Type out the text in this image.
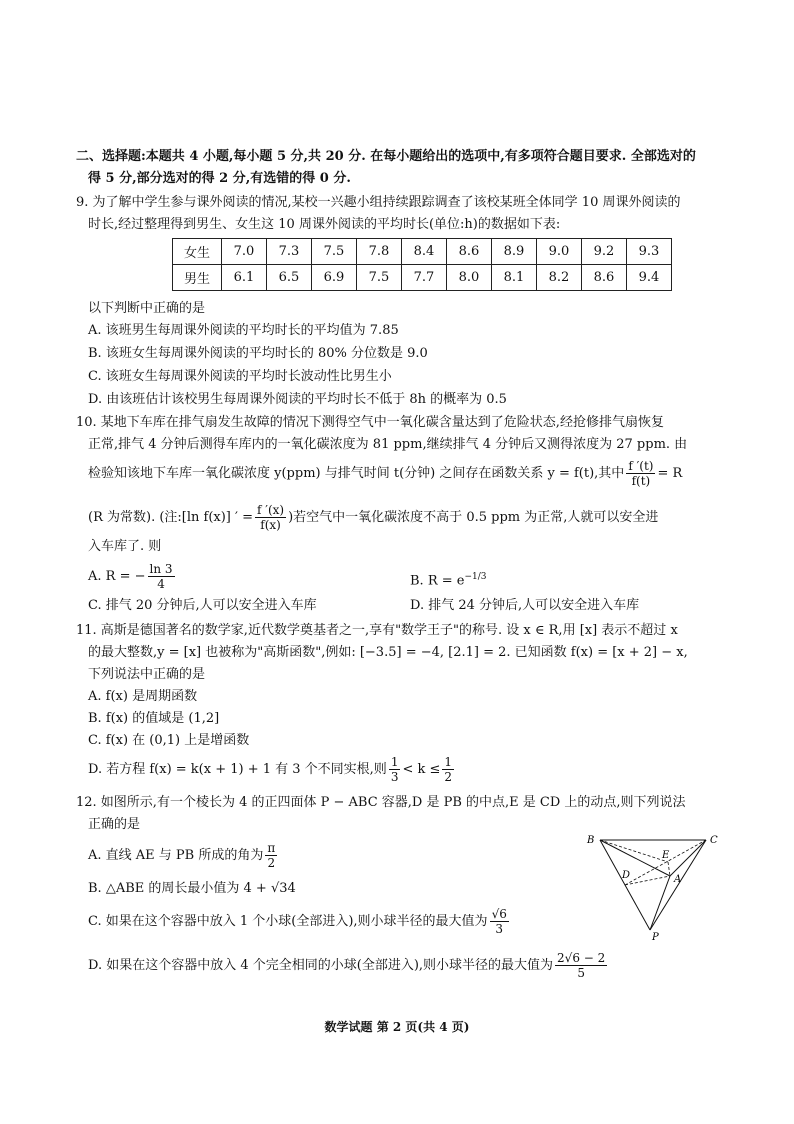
二、选择题:本题共 4 小题,每小题 5 分,共 20 分. 在每小题给出的选项中,有多项符合题目要求. 全部选对的
得 5 分,部分选对的得 2 分,有选错的得 0 分.
9. 为了解中学生参与课外阅读的情况,某校一兴趣小组持续跟踪调查了该校某班全体同学 10 周课外阅读的
时长,经过整理得到男生、女生这 10 周课外阅读的平均时长(单位:h)的数据如下表:
女生	7.0	7.3	7.5	7.8	8.4	8.6	8.9	9.0	9.2	9.3
男生	6.1	6.5	6.9	7.5	7.7	8.0	8.1	8.2	8.6	9.4
以下判断中正确的是
A. 该班男生每周课外阅读的平均时长的平均值为 7.85
B. 该班女生每周课外阅读的平均时长的 80% 分位数是 9.0
C. 该班女生每周课外阅读的平均时长波动性比男生小
D. 由该班估计该校男生每周课外阅读的平均时长不低于 8h 的概率为 0.5
10. 某地下车库在排气扇发生故障的情况下测得空气中一氧化碳含量达到了危险状态,经抢修排气扇恢复
正常,排气 4 分钟后测得车库内的一氧化碳浓度为 81 ppm,继续排气 4 分钟后又测得浓度为 27 ppm. 由
检验知该地下车库一氧化碳浓度 y(ppm) 与排气时间 t(分钟) 之间存在函数关系 y = f(t),其中 $\frac{f '(t)}{f(t)} = R$
(R 为常数). (注:[ln f(x)] ′ = $\frac{f '(x)}{f(x)}$ )若空气中一氧化碳浓度不高于 0.5 ppm 为正常,人就可以安全进
入车库了. 则
A. R = − $\frac{\ln 3}{4}$	B. $R = e^{-1/3}$
C. 排气 20 分钟后,人可以安全进入车库	D. 排气 24 分钟后,人可以安全进入车库
11. 高斯是德国著名的数学家,近代数学奠基者之一,享有"数学王子"的称号. 设 x ∈ R,用 [x] 表示不超过 x
的最大整数,y = [x] 也被称为"高斯函数",例如: [−3.5] = −4, [2.1] = 2. 已知函数 f(x) = [x + 2] − x,
下列说法中正确的是
A. f(x) 是周期函数
B. f(x) 的值域是 (1,2]
C. f(x) 在 (0,1) 上是增函数
D. 若方程 f(x) = k(x + 1) + 1 有 3 个不同实根,则 $\frac{1}{3} < k \le \frac{1}{2}$
12. 如图所示,有一个棱长为 4 的正四面体 P − ABC 容器,D 是 PB 的中点,E 是 CD 上的动点,则下列说法
正确的是
A. 直线 AE 与 PB 所成的角为 $\frac{\pi}{2}$
B. △ABE 的周长最小值为 4 + √34
C. 如果在这个容器中放入 1 个小球(全部进入),则小球半径的最大值为 $\frac{√6}{3}$
D. 如果在这个容器中放入 4 个完全相同的小球(全部进入),则小球半径的最大值为 $\frac{2√6 - 2}{5}$
B	C
E
D	A
P
数学试题 第 2 页(共 4 页)
